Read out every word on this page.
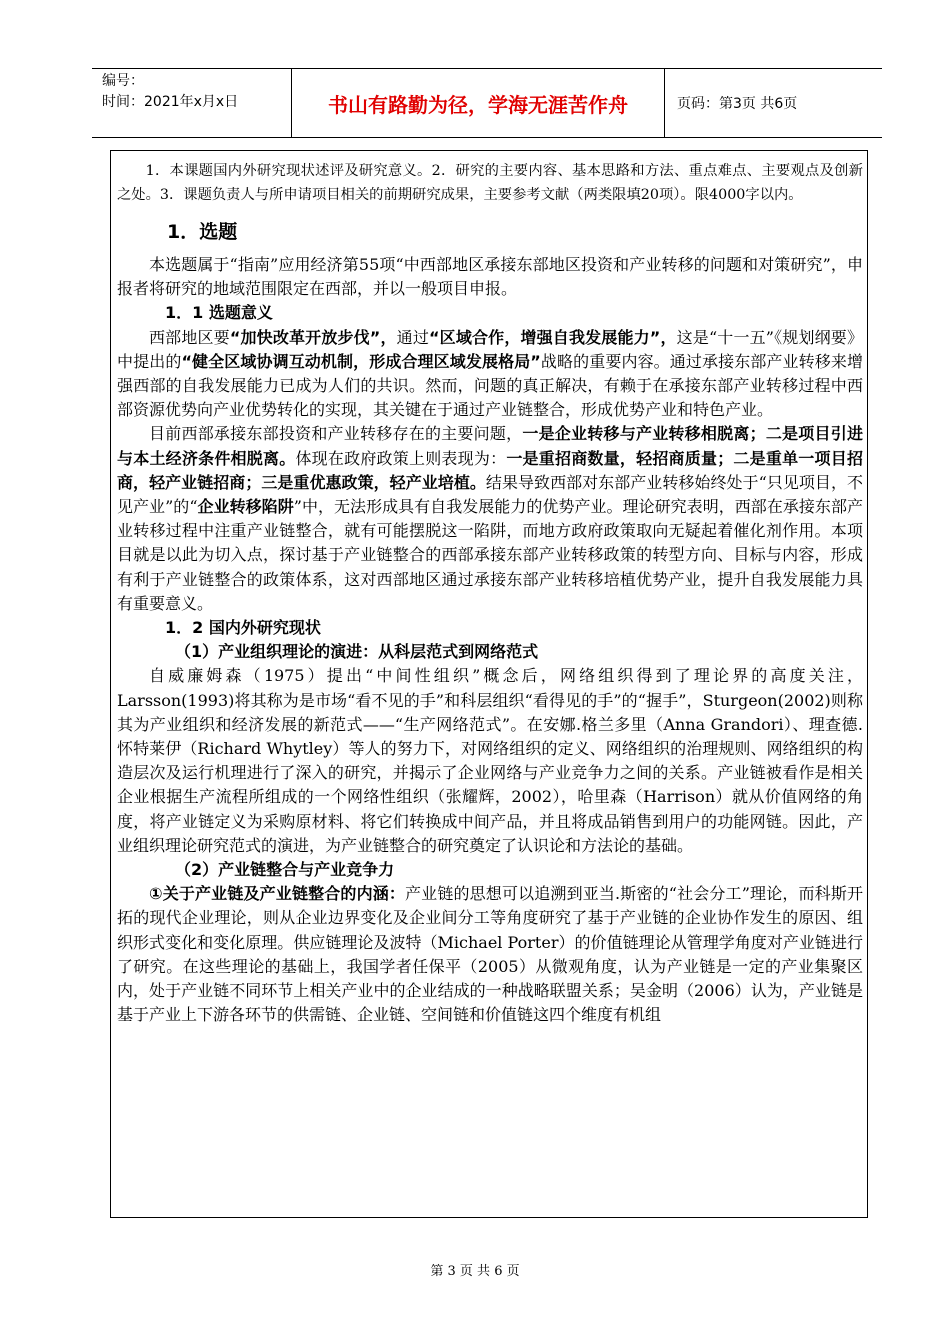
编号：
时间：2021年x月x日	书山有路勤为径，学海无涯苦作舟	页码：第3页 共6页

1．本课题国内外研究现状述评及研究意义。2．研究的主要内容、基本思路和方法、重点难点、主要观点及创新之处。3．课题负责人与所申请项目相关的前期研究成果，主要参考文献（两类限填20项）。限4000字以内。

1．选题

本选题属于“指南”应用经济第55项“中西部地区承接东部地区投资和产业转移的问题和对策研究”，申报者将研究的地域范围限定在西部，并以一般项目申报。

1．1 选题意义

西部地区要“加快改革开放步伐”，通过“区域合作，增强自我发展能力”，这是“十一五”《规划纲要》中提出的“健全区域协调互动机制，形成合理区域发展格局”战略的重要内容。通过承接东部产业转移来增强西部的自我发展能力已成为人们的共识。然而，问题的真正解决，有赖于在承接东部产业转移过程中西部资源优势向产业优势转化的实现，其关键在于通过产业链整合，形成优势产业和特色产业。

目前西部承接东部投资和产业转移存在的主要问题，一是企业转移与产业转移相脱离；二是项目引进与本土经济条件相脱离。体现在政府政策上则表现为：一是重招商数量，轻招商质量；二是重单一项目招商，轻产业链招商；三是重优惠政策，轻产业培植。结果导致西部对东部产业转移始终处于“只见项目，不见产业”的“企业转移陷阱”中，无法形成具有自我发展能力的优势产业。理论研究表明，西部在承接东部产业转移过程中注重产业链整合，就有可能摆脱这一陷阱，而地方政府政策取向无疑起着催化剂作用。本项目就是以此为切入点，探讨基于产业链整合的西部承接东部产业转移政策的转型方向、目标与内容，形成有利于产业链整合的政策体系，这对西部地区通过承接东部产业转移培植优势产业，提升自我发展能力具有重要意义。

1．2 国内外研究现状

（1）产业组织理论的演进：从科层范式到网络范式

自威廉姆森（1975）提出“中间性组织”概念后，网络组织得到了理论界的高度关注，Larsson(1993)将其称为是市场“看不见的手”和科层组织“看得见的手”的“握手”，Sturgeon(2002)则称其为产业组织和经济发展的新范式——“生产网络范式”。在安娜.格兰多里（Anna Grandori）、理查德.怀特莱伊（Richard Whytley）等人的努力下，对网络组织的定义、网络组织的治理规则、网络组织的构造层次及运行机理进行了深入的研究，并揭示了企业网络与产业竞争力之间的关系。产业链被看作是相关企业根据生产流程所组成的一个网络性组织（张耀辉，2002），哈里森（Harrison）就从价值网络的角度，将产业链定义为采购原材料、将它们转换成中间产品，并且将成品销售到用户的功能网链。因此，产业组织理论研究范式的演进，为产业链整合的研究奠定了认识论和方法论的基础。

（2）产业链整合与产业竞争力

①关于产业链及产业链整合的内涵：产业链的思想可以追溯到亚当.斯密的“社会分工”理论，而科斯开拓的现代企业理论，则从企业边界变化及企业间分工等角度研究了基于产业链的企业协作发生的原因、组织形式变化和变化原理。供应链理论及波特（Michael Porter）的价值链理论从管理学角度对产业链进行了研究。在这些理论的基础上，我国学者任保平（2005）从微观角度，认为产业链是一定的产业集聚区内，处于产业链不同环节上相关产业中的企业结成的一种战略联盟关系；吴金明（2006）认为，产业链是基于产业上下游各环节的供需链、企业链、空间链和价值链这四个维度有机组

第 3 页 共 6 页
